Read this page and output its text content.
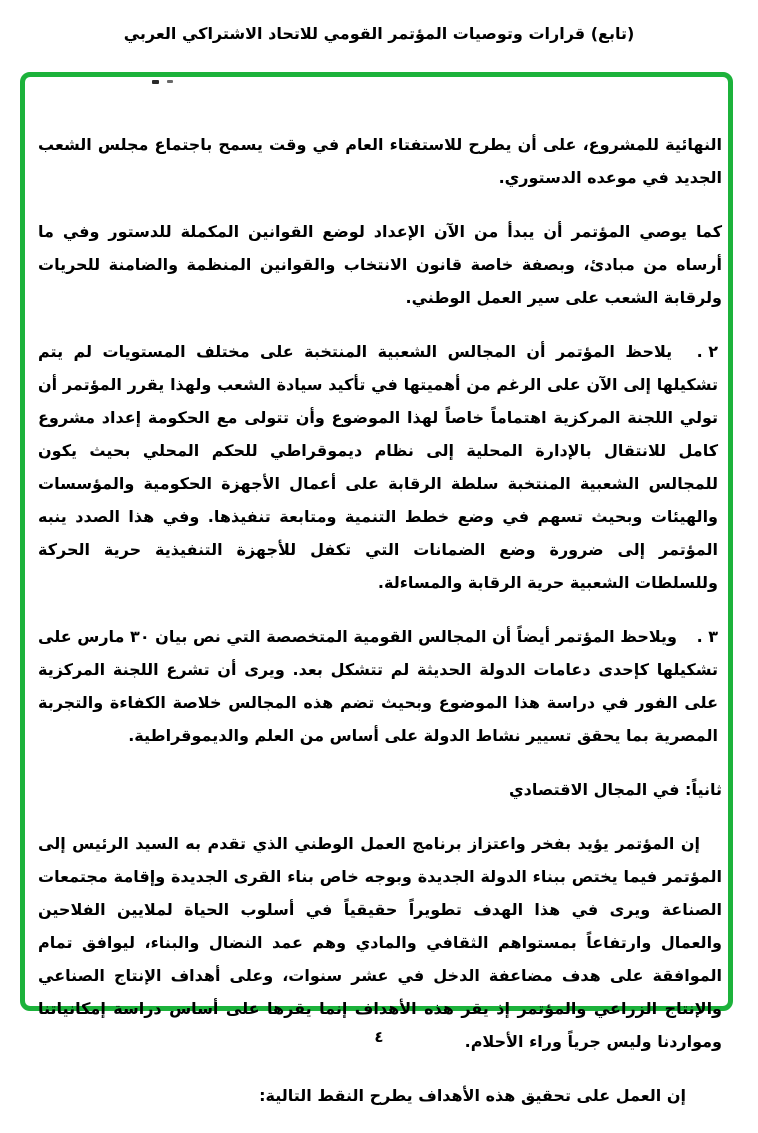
(تابع) قرارات وتوصيات المؤتمر القومي للاتحاد الاشتراكي العربي

النهائية للمشروع، على أن يطرح للاستفتاء العام في وقت يسمح باجتماع مجلس الشعب الجديد في موعده الدستوري.

كما يوصي المؤتمر أن يبدأ من الآن الإعداد لوضع القوانين المكملة للدستور وفي ما أرساه من مبادئ، وبصفة خاصة قانون الانتخاب والقوانين المنظمة والضامنة للحريات ولرقابة الشعب على سير العمل الوطني.

٢ . يلاحظ المؤتمر أن المجالس الشعبية المنتخبة على مختلف المستويات لم يتم تشكيلها إلى الآن على الرغم من أهميتها في تأكيد سيادة الشعب ولهذا يقرر المؤتمر أن تولي اللجنة المركزية اهتماماً خاصاً لهذا الموضوع وأن تتولى مع الحكومة إعداد مشروع كامل للانتقال بالإدارة المحلية إلى نظام ديموقراطي للحكم المحلي بحيث يكون للمجالس الشعبية المنتخبة سلطة الرقابة على أعمال الأجهزة الحكومية والمؤسسات والهيئات وبحيث تسهم في وضع خطط التنمية ومتابعة تنفيذها. وفي هذا الصدد ينبه المؤتمر إلى ضرورة وضع الضمانات التي تكفل للأجهزة التنفيذية حرية الحركة وللسلطات الشعبية حرية الرقابة والمساءلة.

٣ . ويلاحظ المؤتمر أيضاً أن المجالس القومية المتخصصة التي نص بيان ٣٠ مارس على تشكيلها كإحدى دعامات الدولة الحديثة لم تتشكل بعد. ويرى أن تشرع اللجنة المركزية على الفور في دراسة هذا الموضوع وبحيث تضم هذه المجالس خلاصة الكفاءة والتجربة المصرية بما يحقق تسيير نشاط الدولة على أساس من العلم والديموقراطية.

ثانياً: في المجال الاقتصادي

إن المؤتمر يؤيد بفخر واعتزاز برنامج العمل الوطني الذي تقدم به السيد الرئيس إلى المؤتمر فيما يختص ببناء الدولة الجديدة وبوجه خاص بناء القرى الجديدة وإقامة مجتمعات الصناعة ويرى في هذا الهدف تطويراً حقيقياً في أسلوب الحياة لملايين الفلاحين والعمال وارتفاعاً بمستواهم الثقافي والمادي وهم عمد النضال والبناء، ليوافق تمام الموافقة على هدف مضاعفة الدخل في عشر سنوات، وعلى أهداف الإنتاج الصناعي والإنتاج الزراعي والمؤتمر إذ يقر هذه الأهداف إنما يقرها على أساس دراسة إمكانياتنا ومواردنا وليس جرياً وراء الأحلام.

إن العمل على تحقيق هذه الأهداف يطرح النقط التالية:

٤
